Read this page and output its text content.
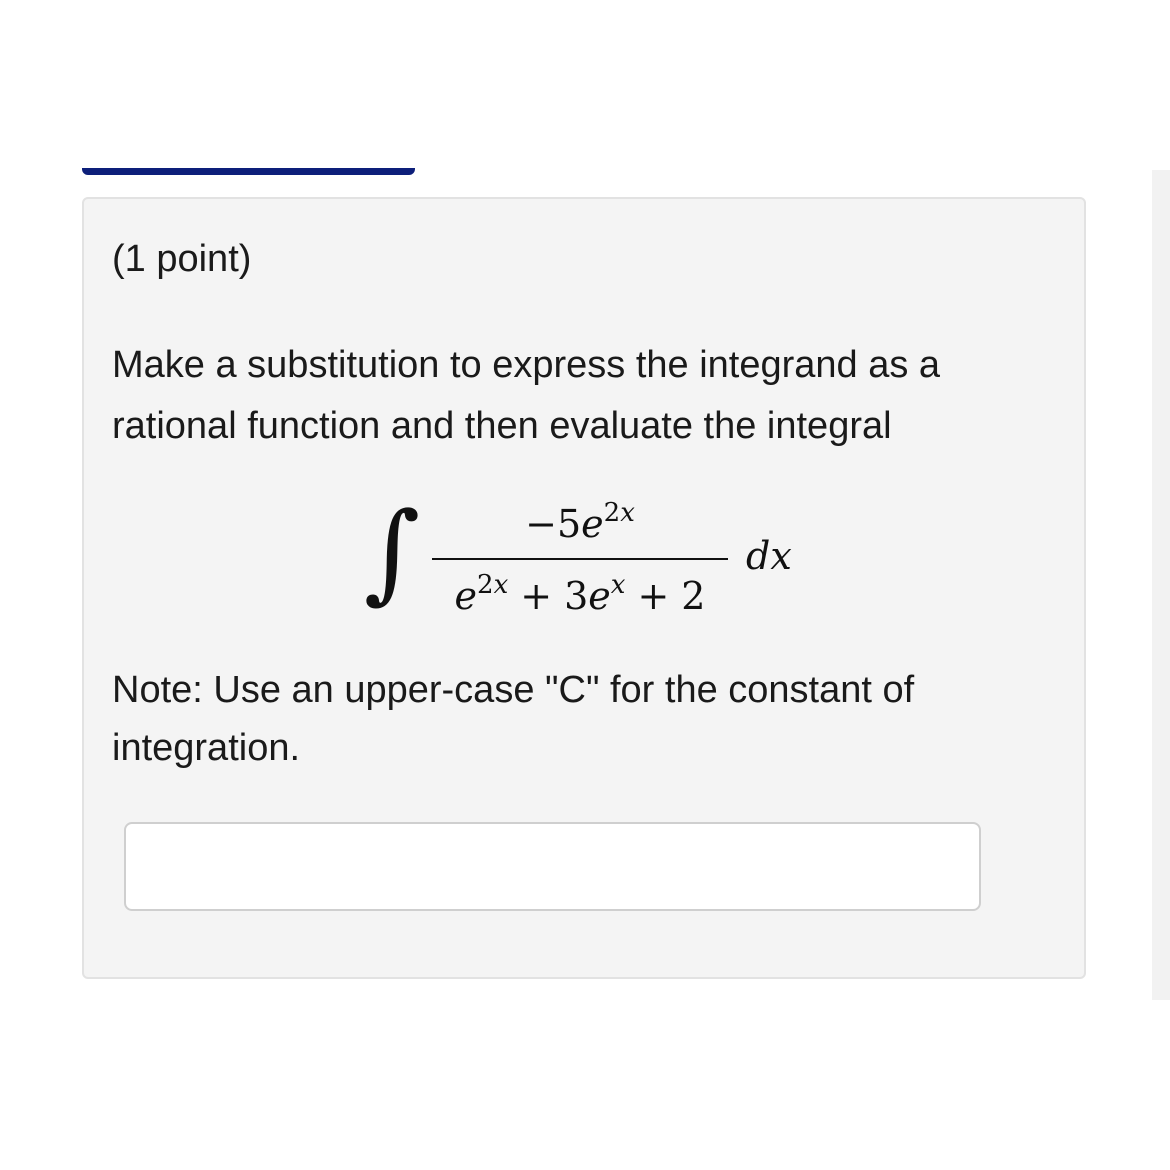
(1 point)
Make a substitution to express the integrand as a rational function and then evaluate the integral
∫	$-5e^{2x}$
$e^{2x} + 3e^x + 2$
dx
Note: Use an upper-case "C" for the constant of integration.
